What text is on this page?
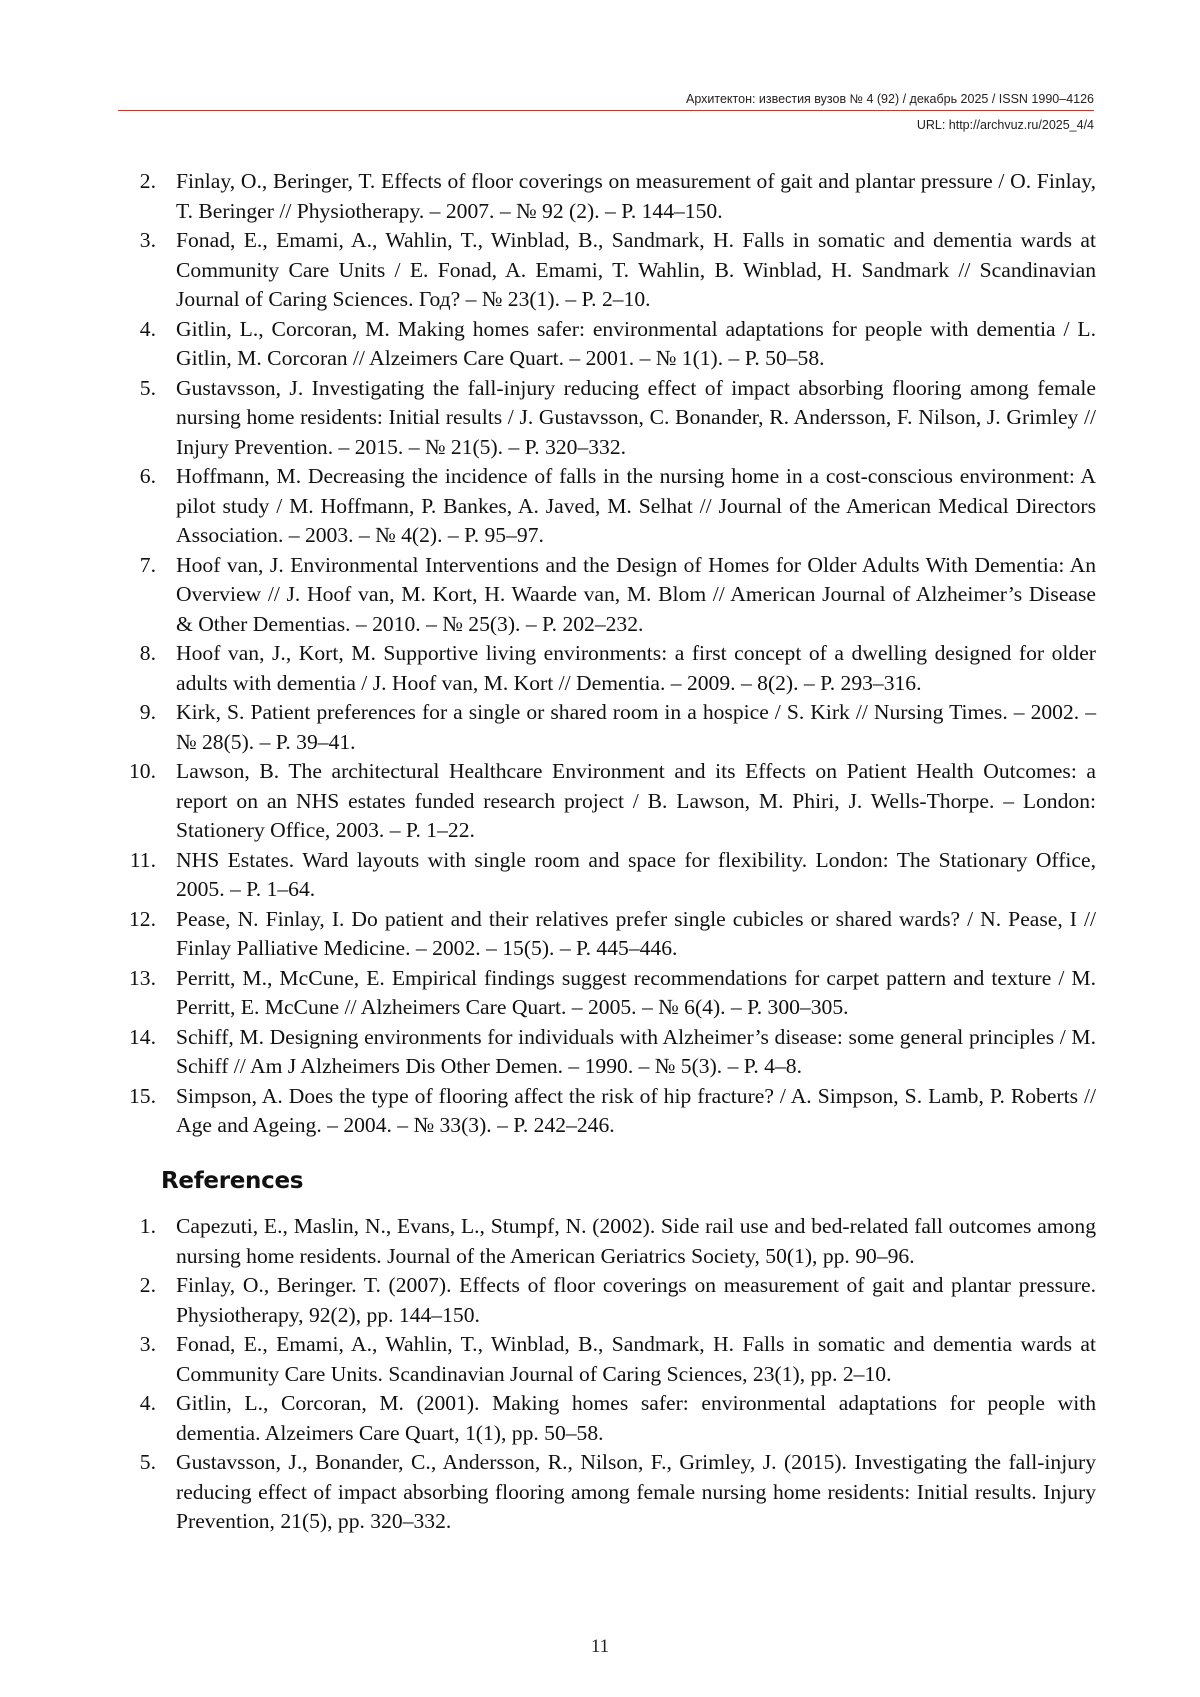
Архитектон: известия вузов № 4 (92) / декабрь 2025 / ISSN 1990–4126
URL: http://archvuz.ru/2025_4/4
2. Finlay, O., Beringer, T. Effects of floor coverings on measurement of gait and plantar pressure / O. Finlay, T. Beringer // Physiotherapy. – 2007. – № 92 (2). – P. 144–150.
3. Fonad, E., Emami, A., Wahlin, T., Winblad, B., Sandmark, H. Falls in somatic and dementia wards at Community Care Units / E. Fonad, A. Emami, T. Wahlin, B. Winblad, H. Sandmark // Scandinavian Journal of Caring Sciences. Год? – № 23(1). – P. 2–10.
4. Gitlin, L., Corcoran, M. Making homes safer: environmental adaptations for people with dementia / L. Gitlin, M. Corcoran // Alzeimers Care Quart. – 2001. – № 1(1). – P. 50–58.
5. Gustavsson, J. Investigating the fall-injury reducing effect of impact absorbing flooring among female nursing home residents: Initial results / J. Gustavsson, C. Bonander, R. Andersson, F. Nilson, J. Grimley // Injury Prevention. – 2015. – № 21(5). – P. 320–332.
6. Hoffmann, M. Decreasing the incidence of falls in the nursing home in a cost-conscious environment: A pilot study / M. Hoffmann, P. Bankes, A. Javed, M. Selhat // Journal of the American Medical Directors Association. – 2003. – № 4(2). – P. 95–97.
7. Hoof van, J. Environmental Interventions and the Design of Homes for Older Adults With Dementia: An Overview // J. Hoof van, M. Kort, H. Waarde van, M. Blom // American Journal of Alzheimer’s Disease & Other Dementias. – 2010. – № 25(3). – P. 202–232.
8. Hoof van, J., Kort, M. Supportive living environments: a first concept of a dwelling designed for older adults with dementia / J. Hoof van, M. Kort // Dementia. – 2009. – 8(2). – P. 293–316.
9. Kirk, S. Patient preferences for a single or shared room in a hospice / S. Kirk // Nursing Times. – 2002. – № 28(5). – P. 39–41.
10. Lawson, B. The architectural Healthcare Environment and its Effects on Patient Health Outcomes: a report on an NHS estates funded research project / B. Lawson, M. Phiri, J. Wells-Thorpe. – London: Stationery Office, 2003. – P. 1–22.
11. NHS Estates. Ward layouts with single room and space for flexibility. London: The Stationary Office, 2005. – P. 1–64.
12. Pease, N. Finlay, I. Do patient and their relatives prefer single cubicles or shared wards? / N. Pease, I // Finlay Palliative Medicine. – 2002. – 15(5). – P. 445–446.
13. Perritt, M., McCune, E. Empirical findings suggest recommendations for carpet pattern and texture / M. Perritt, E. McCune // Alzheimers Care Quart. – 2005. – № 6(4). – P. 300–305.
14. Schiff, M. Designing environments for individuals with Alzheimer’s disease: some general principles / M. Schiff // Am J Alzheimers Dis Other Demen. – 1990. – № 5(3). – P. 4–8.
15. Simpson, A. Does the type of flooring affect the risk of hip fracture? / A. Simpson, S. Lamb, P. Roberts // Age and Ageing. – 2004. – № 33(3). – P. 242–246.
References
1. Capezuti, E., Maslin, N., Evans, L., Stumpf, N. (2002). Side rail use and bed-related fall outcomes among nursing home residents. Journal of the American Geriatrics Society, 50(1), pp. 90–96.
2. Finlay, O., Beringer. T. (2007). Effects of floor coverings on measurement of gait and plantar pressure. Physiotherapy, 92(2), pp. 144–150.
3. Fonad, E., Emami, A., Wahlin, T., Winblad, B., Sandmark, H. Falls in somatic and dementia wards at Community Care Units. Scandinavian Journal of Caring Sciences, 23(1), pp. 2–10.
4. Gitlin, L., Corcoran, M. (2001). Making homes safer: environmental adaptations for people with dementia. Alzeimers Care Quart, 1(1), pp. 50–58.
5. Gustavsson, J., Bonander, C., Andersson, R., Nilson, F., Grimley, J. (2015). Investigating the fall-injury reducing effect of impact absorbing flooring among female nursing home residents: Initial results. Injury Prevention, 21(5), pp. 320–332.
11
